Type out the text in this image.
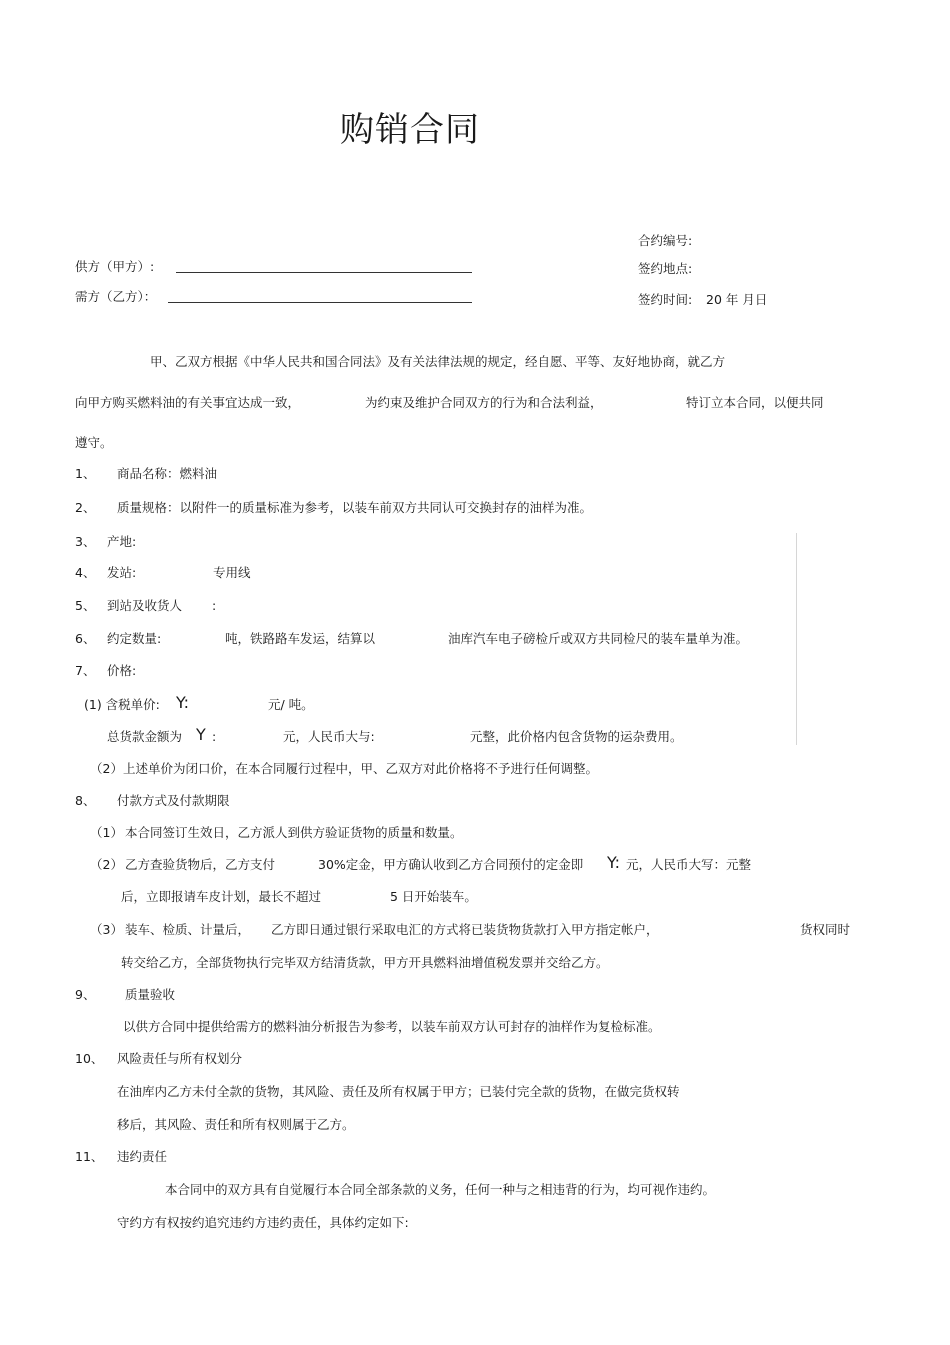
购销合同
合约编号:
签约地点:
签约时间: 20 年 月日
供方（甲方）:
需方（乙方）：
甲、乙双方根据《中华人民共和国合同法》及有关法律法规的规定，经自愿、平等、友好地协商，就乙方
向甲方购买燃料油的有关事宜达成一致，	为约束及维护合同双方的行为和合法利益，	特订立本合同，以便共同
遵守。
1、 商品名称：燃料油
2、 质量规格：以附件一的质量标准为参考，以装车前双方共同认可交换封存的油样为准。
3、 产地:
4、 发站:	专用线
5、 到站及收货人 :
6、 约定数量:	吨，铁路路车发运，结算以	油库汽车电子磅检斤或双方共同检尺的装车量单为准。
7、 价格:
(1) 含税单价: Y:	元/ 吨。
总货款金额为 Y :	元，人民币大与:	元整，此价格内包含货物的运杂费用。
（2）上述单价为闭口价，在本合同履行过程中，甲、乙双方对此价格将不予进行任何调整。
8、 付款方式及付款期限
（1） 本合同签订生效日，乙方派人到供方验证货物的质量和数量。
（2） 乙方查验货物后，乙方支付	30%定金，甲方确认收到乙方合同预付的定金即 Y: 元，人民币大写：元整
后，立即报请车皮计划，最长不超过	5 日开始装车。
（3） 装车、检质、计量后， 乙方即日通过银行采取电汇的方式将已装货物货款打入甲方指定帐户，	货权同时
转交给乙方，全部货物执行完毕双方结清货款，甲方开具燃料油增值税发票并交给乙方。
9、 质量验收
以供方合同中提供给需方的燃料油分析报告为参考，以装车前双方认可封存的油样作为复检标准。
10、 风险责任与所有权划分
在油库内乙方未付全款的货物，其风险、责任及所有权属于甲方；已装付完全款的货物，在做完货权转
移后，其风险、责任和所有权则属于乙方。
11、 违约责任
本合同中的双方具有自觉履行本合同全部条款的义务，任何一种与之相违背的行为，均可视作违约。
守约方有权按约追究违约方违约责任，具体约定如下:
